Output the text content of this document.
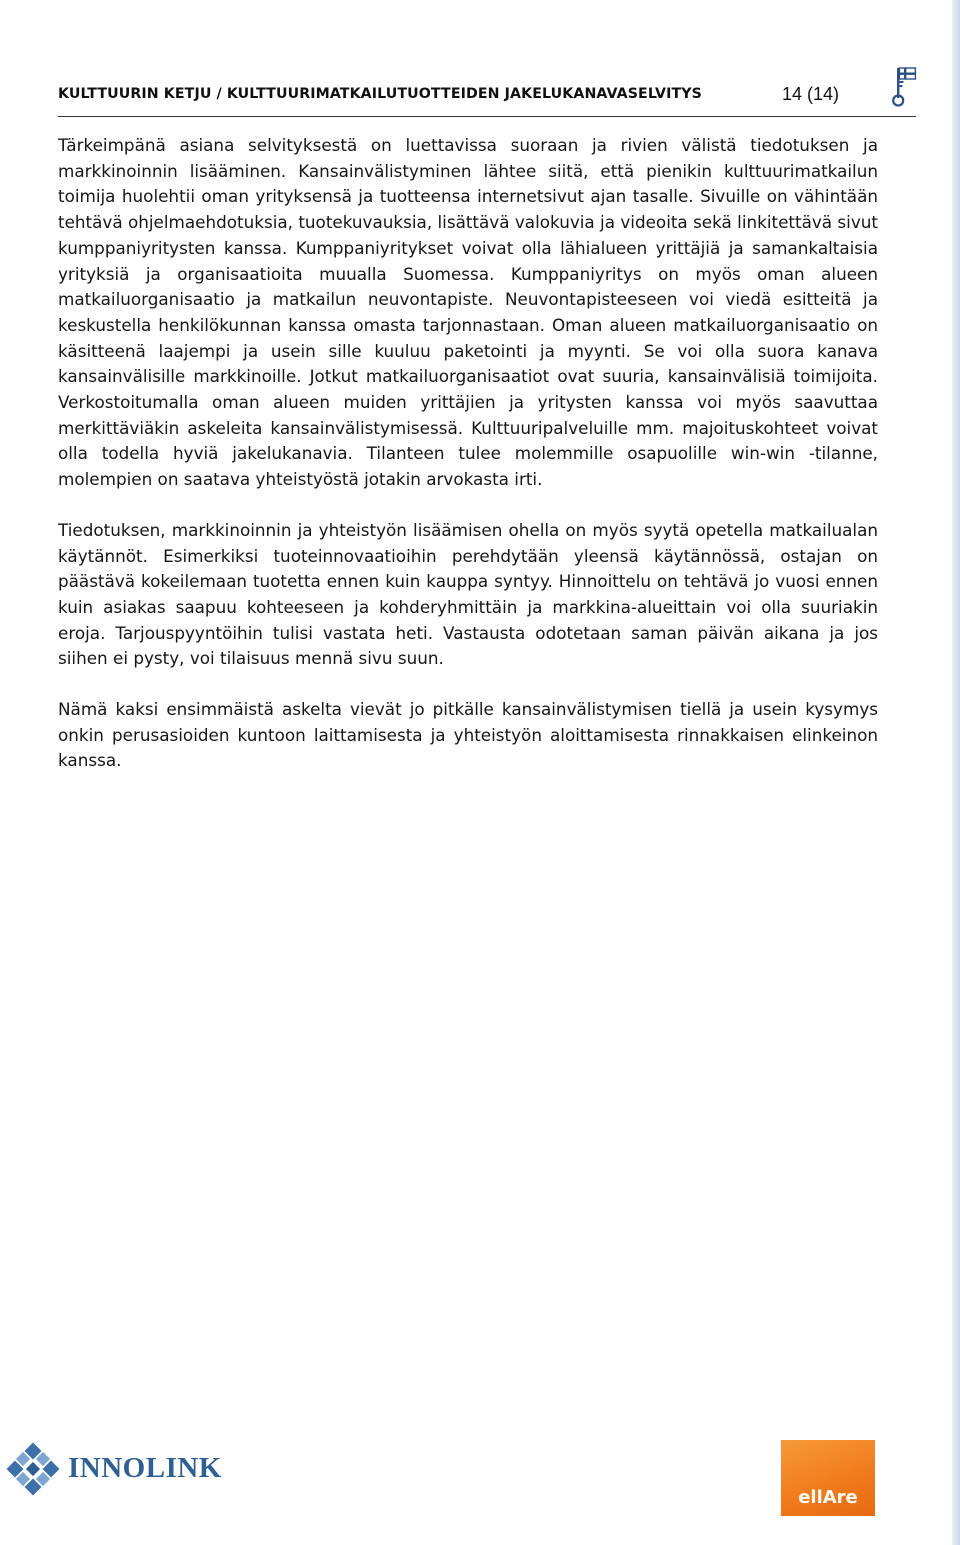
KULTTUURIN KETJU / KULTTUURIMATKAILUTUOTTEIDEN JAKELUKANAVASELVITYS	14 (14)

Tärkeimpänä asiana selvityksestä on luettavissa suoraan ja rivien välistä tiedotuksen ja markkinoinnin lisääminen. Kansainvälistyminen lähtee siitä, että pienikin kulttuurimatkailun toimija huolehtii oman yrityksensä ja tuotteensa internetsivut ajan tasalle. Sivuille on vähintään tehtävä ohjelmaehdotuksia, tuotekuvauksia, lisättävä valokuvia ja videoita sekä linkitettävä sivut kumppaniyritysten kanssa. Kumppaniyritykset voivat olla lähialueen yrittäjiä ja samankaltaisia yrityksiä ja organisaatioita muualla Suomessa. Kumppaniyritys on myös oman alueen matkailuorganisaatio ja matkailun neuvontapiste. Neuvontapisteeseen voi viedä esitteitä ja keskustella henkilökunnan kanssa omasta tarjonnastaan. Oman alueen matkailuorganisaatio on käsitteenä laajempi ja usein sille kuuluu paketointi ja myynti. Se voi olla suora kanava kansainvälisille markkinoille. Jotkut matkailuorganisaatiot ovat suuria, kansainvälisiä toimijoita. Verkostoitumalla oman alueen muiden yrittäjien ja yritysten kanssa voi myös saavuttaa merkittäviäkin askeleita kansainvälistymisessä. Kulttuuripalveluille mm. majoituskohteet voivat olla todella hyviä jakelukanavia. Tilanteen tulee molemmille osapuolille win-win -tilanne, molempien on saatava yhteistyöstä jotakin arvokasta irti.

Tiedotuksen, markkinoinnin ja yhteistyön lisäämisen ohella on myös syytä opetella matkailualan käytännöt. Esimerkiksi tuoteinnovaatioihin perehdytään yleensä käytännössä, ostajan on päästävä kokeilemaan tuotetta ennen kuin kauppa syntyy. Hinnoittelu on tehtävä jo vuosi ennen kuin asiakas saapuu kohteeseen ja kohderyhmittäin ja markkina-alueittain voi olla suuriakin eroja. Tarjouspyyntöihin tulisi vastata heti. Vastausta odotetaan saman päivän aikana ja jos siihen ei pysty, voi tilaisuus mennä sivu suun.

Nämä kaksi ensimmäistä askelta vievät jo pitkälle kansainvälistymisen tiellä ja usein kysymys onkin perusasioiden kuntoon laittamisesta ja yhteistyön aloittamisesta rinnakkaisen elinkeinon kanssa.

INNOLINK
ellAre
